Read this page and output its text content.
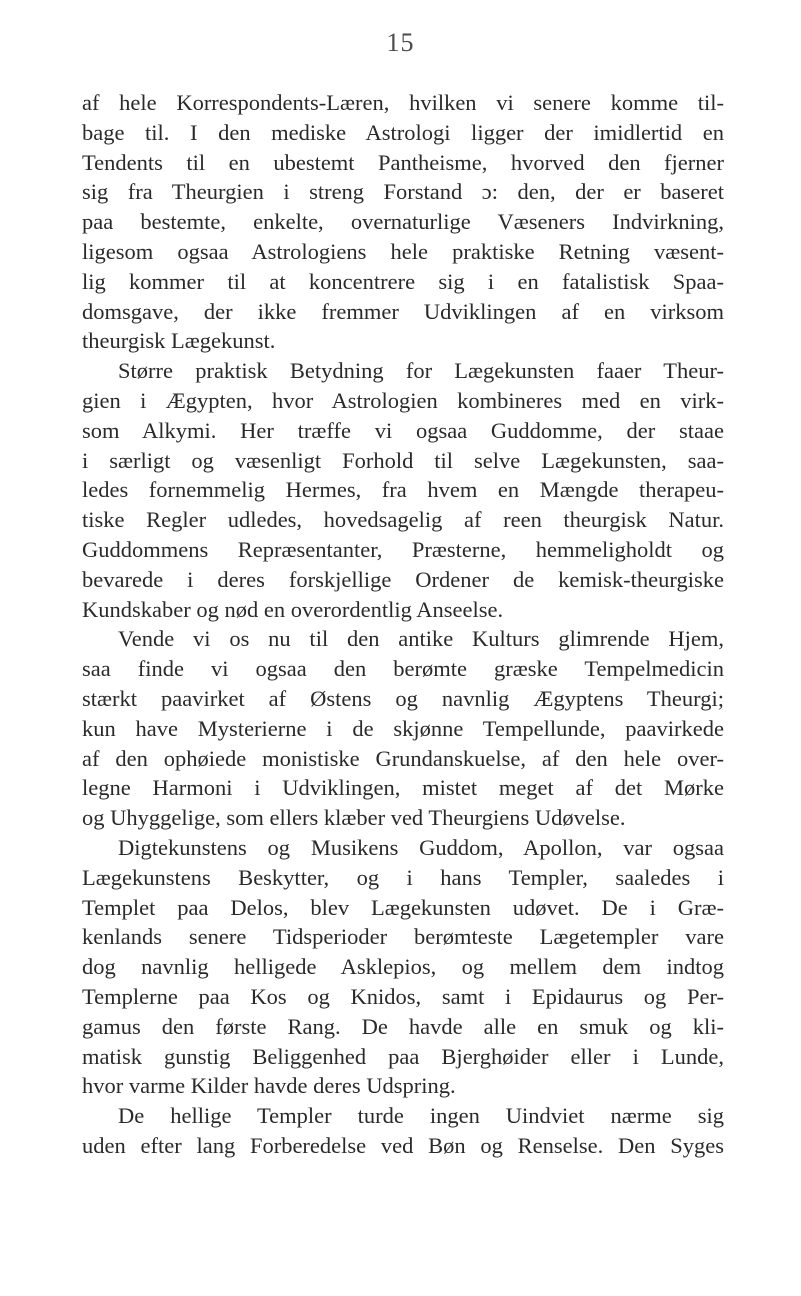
15
af hele Korrespondents-Læren, hvilken vi senere komme til-
bage til. I den mediske Astrologi ligger der imidlertid en
Tendents til en ubestemt Pantheisme, hvorved den fjerner
sig fra Theurgien i streng Forstand ɔ: den, der er baseret
paa bestemte, enkelte, overnaturlige Væseners Indvirkning,
ligesom ogsaa Astrologiens hele praktiske Retning væsent-
lig kommer til at koncentrere sig i en fatalistisk Spaa-
domsgave, der ikke fremmer Udviklingen af en virksom
theurgisk Lægekunst.
Større praktisk Betydning for Lægekunsten faaer Theur-
gien i Ægypten, hvor Astrologien kombineres med en virk-
som Alkymi. Her træffe vi ogsaa Guddomme, der staae
i særligt og væsenligt Forhold til selve Lægekunsten, saa-
ledes fornemmelig Hermes, fra hvem en Mængde therapeu-
tiske Regler udledes, hovedsagelig af reen theurgisk Natur.
Guddommens Repræsentanter, Præsterne, hemmeligholdt og
bevarede i deres forskjellige Ordener de kemisk-theurgiske
Kundskaber og nød en overordentlig Anseelse.
Vende vi os nu til den antike Kulturs glimrende Hjem,
saa finde vi ogsaa den berømte græske Tempelmedicin
stærkt paavirket af Østens og navnlig Ægyptens Theurgi;
kun have Mysterierne i de skjønne Tempellunde, paavirkede
af den ophøiede monistiske Grundanskuelse, af den hele over-
legne Harmoni i Udviklingen, mistet meget af det Mørke
og Uhyggelige, som ellers klæber ved Theurgiens Udøvelse.
Digtekunstens og Musikens Guddom, Apollon, var ogsaa
Lægekunstens Beskytter, og i hans Templer, saaledes i
Templet paa Delos, blev Lægekunsten udøvet. De i Græ-
kenlands senere Tidsperioder berømteste Lægetempler vare
dog navnlig helligede Asklepios, og mellem dem indtog
Templerne paa Kos og Knidos, samt i Epidaurus og Per-
gamus den første Rang. De havde alle en smuk og kli-
matisk gunstig Beliggenhed paa Bjerghøider eller i Lunde,
hvor varme Kilder havde deres Udspring.
De hellige Templer turde ingen Uindviet nærme sig
uden efter lang Forberedelse ved Bøn og Renselse. Den Syges
